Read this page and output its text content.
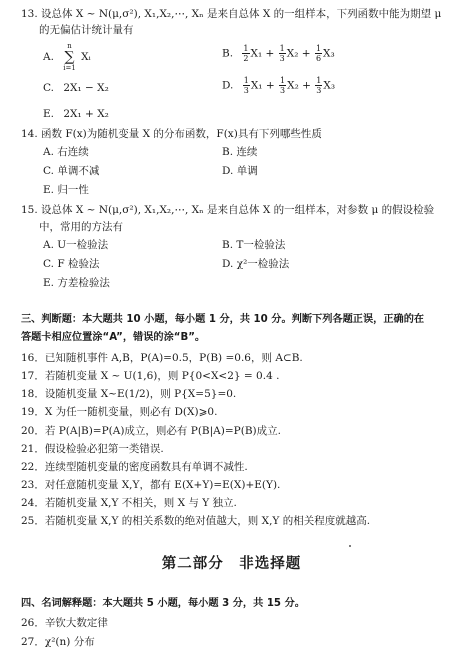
13. 设总体 X ~ N(μ,σ²), X₁,X₂,⋯, Xₙ 是来自总体 X 的一组样本，下列函数中能为期望 μ
的无偏估计统计量有
A. n
∑
i=1 Xᵢ	B. $\frac{1}{2} X_1 + \frac{1}{3} X_2 + \frac{1}{6} X_3$
C. 2X₁ − X₂	D. $\frac{1}{3} X_1 + \frac{1}{3} X_2 + \frac{1}{3} X_3$
E. 2X₁ + X₂
14. 函数 F(x)为随机变量 X 的分布函数，F(x)具有下列哪些性质
A. 右连续	B. 连续
C. 单调不减	D. 单调
E. 归一性
15. 设总体 X ~ N(μ,σ²), X₁,X₂,⋯, Xₙ 是来自总体 X 的一组样本，对参数 μ 的假设检验
中，常用的方法有
A. U一检验法	B. T一检验法
C. F 检验法	D. χ²一检验法
E. 方差检验法
三、判断题：本大题共 10 小题，每小题 1 分，共 10 分。判断下列各题正误，正确的在
答题卡相应位置涂“A”，错误的涂“B”。
16．已知随机事件 A,B，P(A)=0.5，P(B) =0.6，则 A⊂B.
17．若随机变量 X ~ U(1,6)，则 P{0<X<2} = 0.4 .
18．设随机变量 X~E(1/2)，则 P{X=5}=0.
19．X 为任一随机变量，则必有 D(X)⩾0.
20．若 P(A|B)=P(A)成立，则必有 P(B|A)=P(B)成立.
21．假设检验必犯第一类错误.
22．连续型随机变量的密度函数具有单调不减性.
23．对任意随机变量 X,Y，都有 E(X+Y)=E(X)+E(Y).
24．若随机变量 X,Y 不相关，则 X 与 Y 独立.
25．若随机变量 X,Y 的相关系数的绝对值越大，则 X,Y 的相关程度就越高.
第二部分　非选择题
四、名词解释题：本大题共 5 小题，每小题 3 分，共 15 分。
26．辛钦大数定律
27．χ²(n) 分布
